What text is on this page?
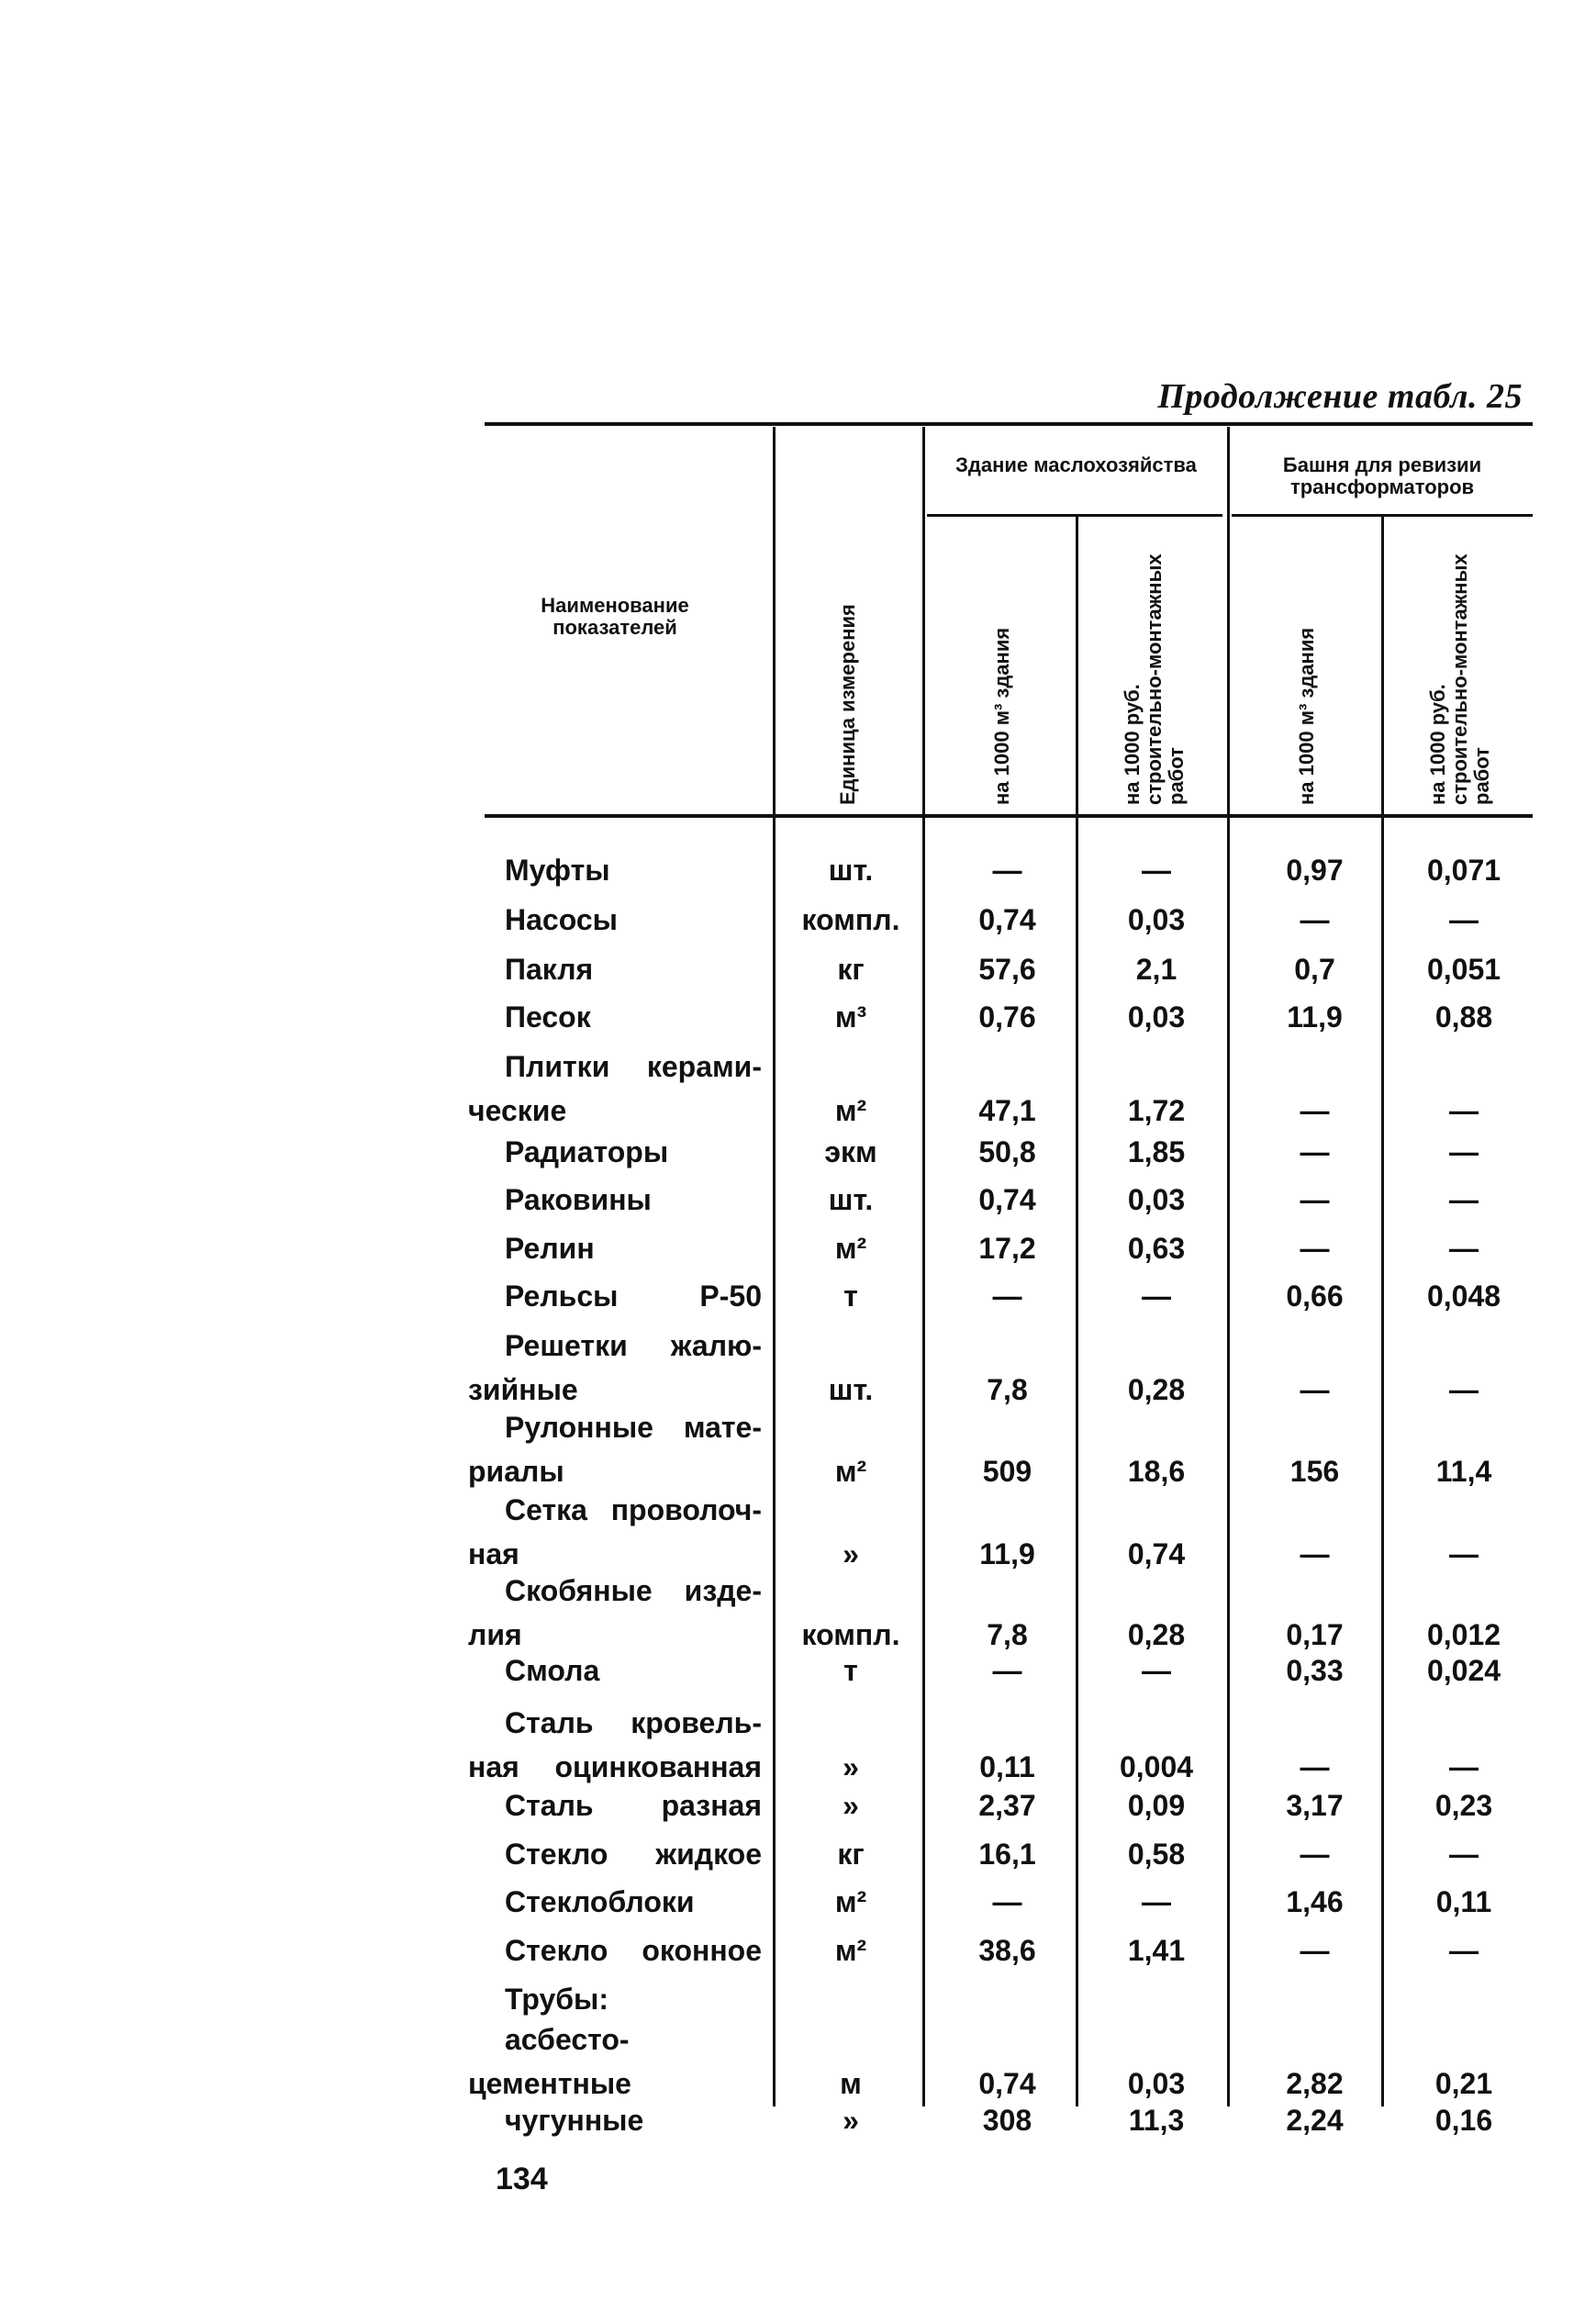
Продолжение табл. 25
Наименование показателей	Единица измерения
Здание маслохозяйства	Башня для ревизии трансформаторов
на 1000 м³ здания	на 1000 руб. строительно-монтажных работ	на 1000 м³ здания	на 1000 руб. строительно-монтажных работ
Муфты	шт.	—	—	0,97	0,071
Насосы	компл.	0,74	0,03	—	—
Пакля	кг	57,6	2,1	0,7	0,051
Песок	м³	0,76	0,03	11,9	0,88
Плитки керами-
ческие	м²	47,1	1,72	—	—
Радиаторы	экм	50,8	1,85	—	—
Раковины	шт.	0,74	0,03	—	—
Релин	м²	17,2	0,63	—	—
Рельсы Р-50	т	—	—	0,66	0,048
Решетки жалю-
зийные	шт.	7,8	0,28	—	—
Рулонные мате-
риалы	м²	509	18,6	156	11,4
Сетка проволоч-
ная	»	11,9	0,74	—	—
Скобяные изде-
лия	компл.	7,8	0,28	0,17	0,012
Смола	т	—	—	0,33	0,024
Сталь кровель-
ная оцинкованная	»	0,11	0,004	—	—
Сталь разная	»	2,37	0,09	3,17	0,23
Стекло жидкое	кг	16,1	0,58	—	—
Стеклоблоки	м²	—	—	1,46	0,11
Стекло оконное	м²	38,6	1,41	—	—
Трубы:
асбесто-
цементные	м	0,74	0,03	2,82	0,21
чугунные	»	308	11,3	2,24	0,16
134
